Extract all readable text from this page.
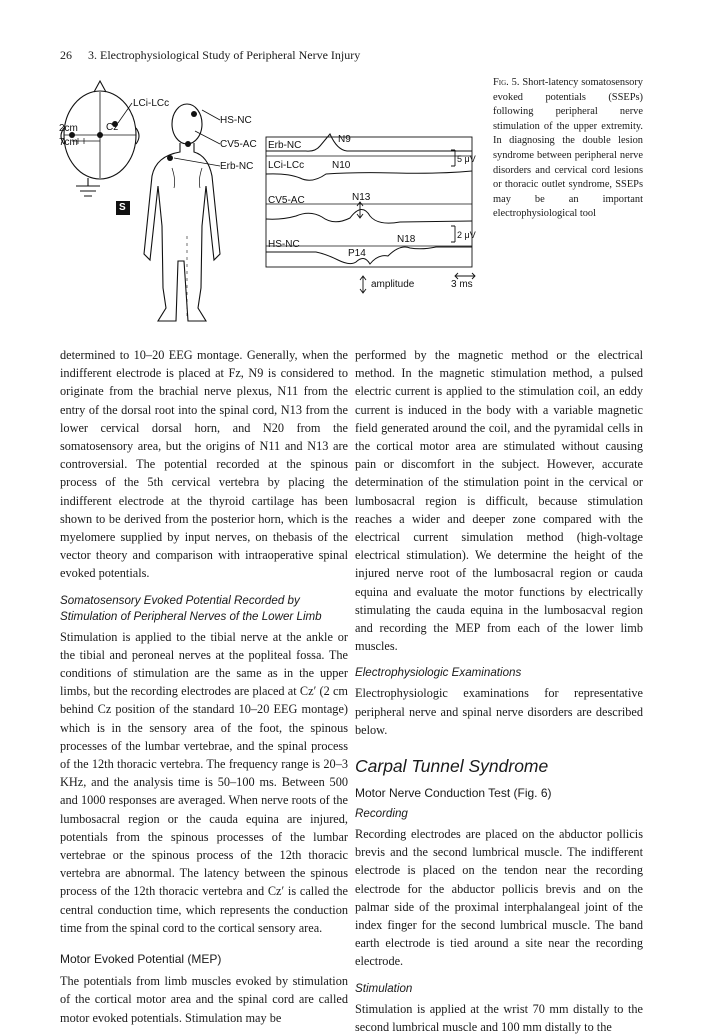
26 3. Electrophysiological Study of Peripheral Nerve Injury
LCi-LCc
2cm	Cz
7cm
HS-NC
CV5-AC
Erb-NC
S
Erb-NC
N9
LCi-LCc	N10
CV5-AC	N13
HS-NC	N18
P14
5 μV
2 μV
amplitude	3 ms
Fig. 5. Short-latency somatosensory evoked potentials (SSEPs) following peripheral nerve stimulation of the upper extremity. In diagnosing the double lesion syndrome between peripheral nerve disorders and cervical cord lesions or thoracic outlet syndrome, SSEPs may be an important electrophysiological tool

determined to 10–20 EEG montage. Generally, when the indifferent electrode is placed at Fz, N9 is considered to originate from the brachial nerve plexus, N11 from the entry of the dorsal root into the spinal cord, N13 from the lower cervical dorsal horn, and N20 from the somatosensory area, but the origins of N11 and N13 are controversial. The potential recorded at the spinous process of the 5th cervical vertebra by placing the indifferent electrode at the thyroid cartilage has been shown to be derived from the posterior horn, which is the myelomere supplied by input nerves, on thebasis of the vector theory and comparison with intraoperative spinal evoked potentials.

Somatosensory Evoked Potential Recorded by Stimulation of Peripheral Nerves of the Lower Limb

Stimulation is applied to the tibial nerve at the ankle or the tibial and peroneal nerves at the popliteal fossa. The conditions of stimulation are the same as in the upper limbs, but the recording electrodes are placed at Cz′ (2 cm behind Cz position of the standard 10–20 EEG montage) which is in the sensory area of the foot, the spinous processes of the lumbar vertebrae, and the spinal process of the 12th thoracic vertebra. The frequency range is 20–3 KHz, and the analysis time is 50–100 ms. Between 500 and 1000 responses are averaged. When nerve roots of the lumbosacral region or the cauda equina are injured, potentials from the spinous processes of the lumbar vertebrae or the spinous process of the 12th thoracic vertebra are abnormal. The latency between the spinous process of the 12th thoracic vertebra and Cz′ is called the central conduction time, which represents the conduction time from the spinal cord to the cortical sensory area.

Motor Evoked Potential (MEP)

The potentials from limb muscles evoked by stimulation of the cortical motor area and the spinal cord are called motor evoked potentials. Stimulation may be

performed by the magnetic method or the electrical method. In the magnetic stimulation method, a pulsed electric current is applied to the stimulation coil, an eddy current is induced in the body with a variable magnetic field generated around the coil, and the pyramidal cells in the cortical motor area are stimulated without causing pain or discomfort in the subject. However, accurate determination of the stimulation point in the cervical or lumbosacral region is difficult, because stimulation reaches a wider and deeper zone compared with the electrical current simulation method (high-voltage electrical stimulation). We determine the height of the injured nerve root of the lumbosacral region or cauda equina and evaluate the motor functions by electrically stimulating the cauda equina in the lumbosacval region and recording the MEP from each of the lower limb muscles.

Electrophysiologic Examinations

Electrophysiologic examinations for representative peripheral nerve and spinal nerve disorders are described below.

Carpal Tunnel Syndrome
Motor Nerve Conduction Test (Fig. 6)
Recording

Recording electrodes are placed on the abductor pollicis brevis and the second lumbrical muscle. The indifferent electrode is placed on the tendon near the recording electrode for the abductor pollicis brevis and on the palmar side of the proximal interphalangeal joint of the index finger for the second lumbrical muscle. The band earth electrode is tied around a site near the recording electrode.

Stimulation

Stimulation is applied at the wrist 70 mm distally to the second lumbrical muscle and 100 mm distally to the
